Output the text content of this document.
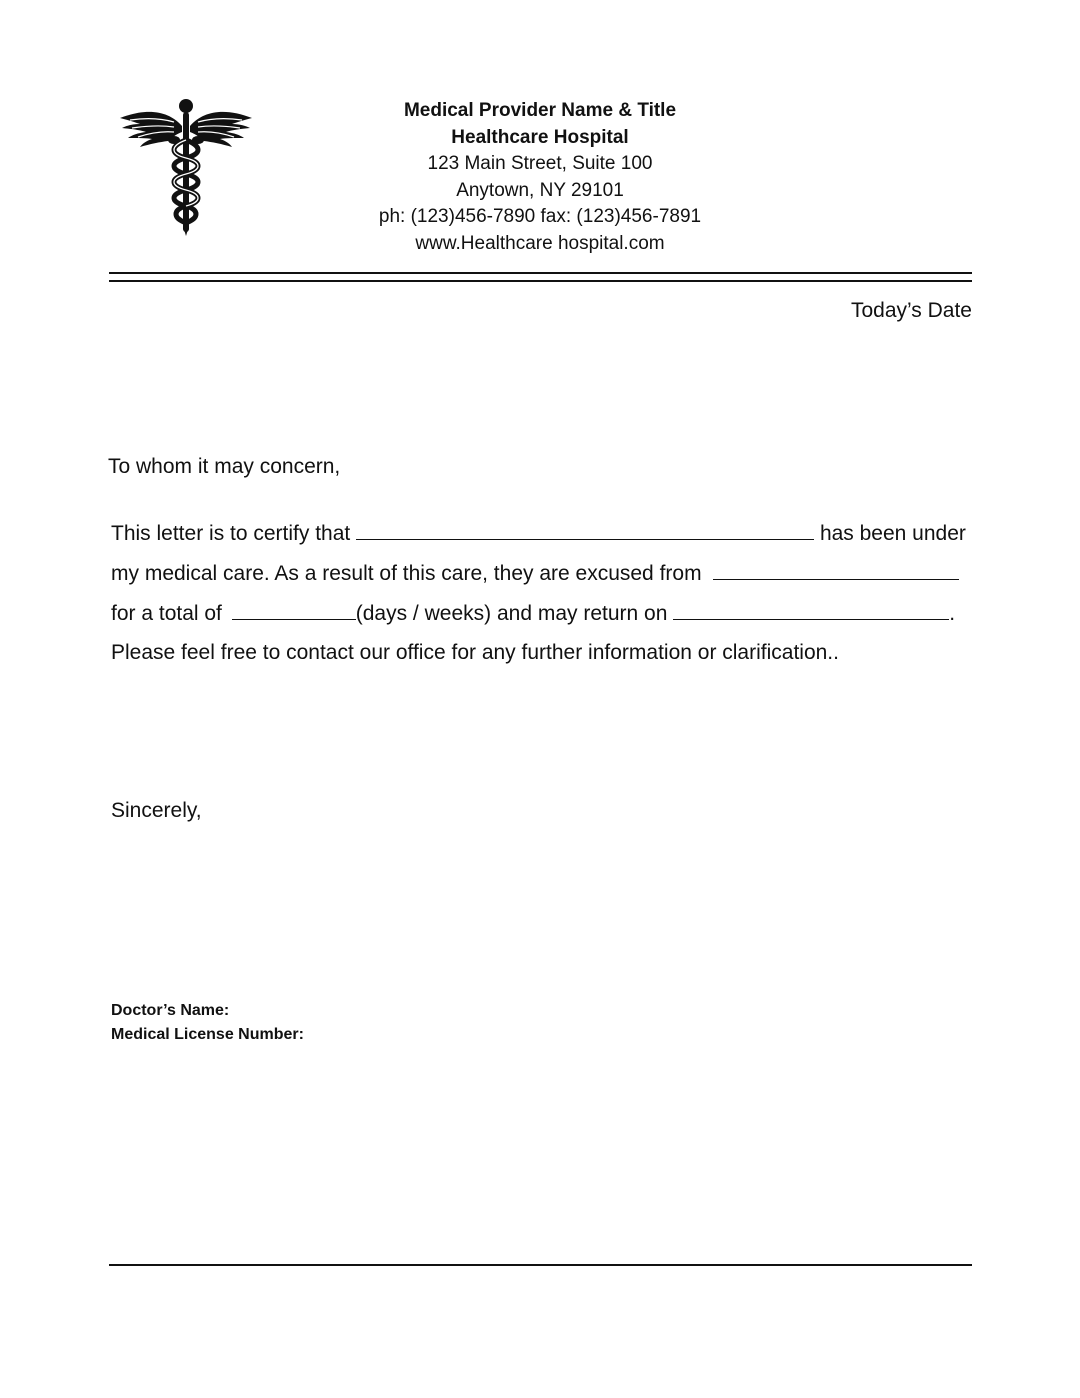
Medical Provider Name & Title
Healthcare Hospital
123 Main Street, Suite 100
Anytown, NY 29101
ph: (123)456-7890 fax: (123)456-7891
www.Healthcare hospital.com
Today’s Date
To whom it may concern,
This letter is to certify that	has been under
my medical care. As a result of this care, they are excused from
for a total of	(days / weeks) and may return on	.
Please feel free to contact our office for any further information or clarification..
Sincerely,
Doctor’s Name:
Medical License Number:
